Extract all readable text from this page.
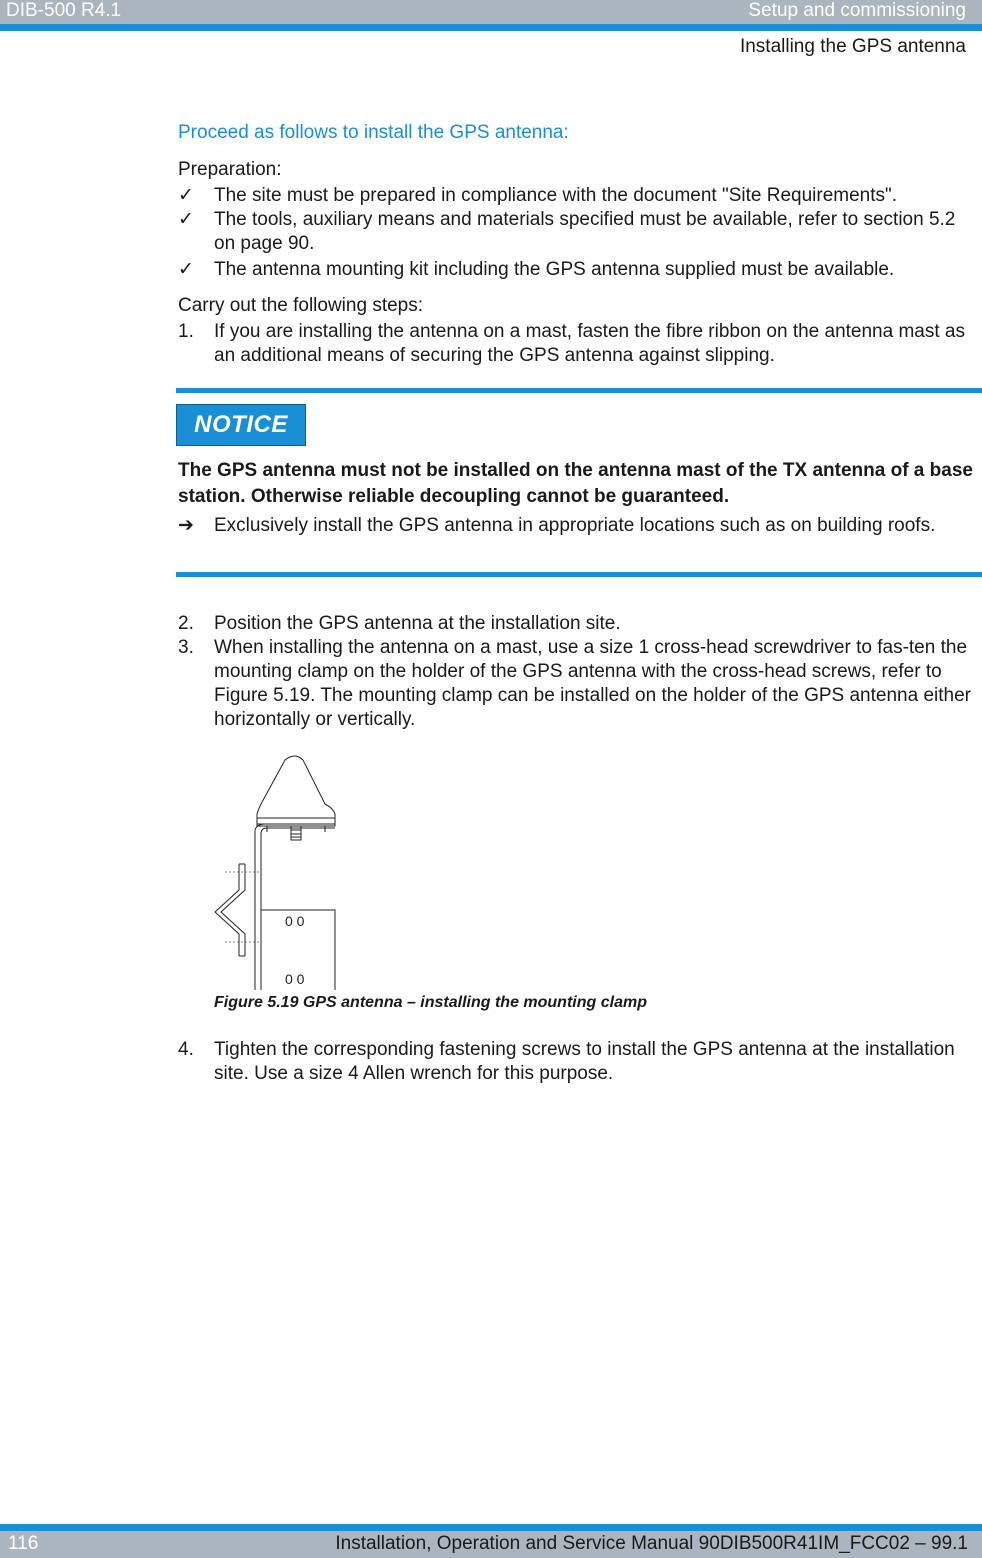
DIB-500 R4.1	Setup and commissioning
Installing the GPS antenna
Proceed as follows to install the GPS antenna:
Preparation:
✓	The site must be prepared in compliance with the document "Site Requirements".
✓	The tools, auxiliary means and materials specified must be available, refer to section 5.2 on page 90.
✓	The antenna mounting kit including the GPS antenna supplied must be available.
Carry out the following steps:
1.	If you are installing the antenna on a mast, fasten the fibre ribbon on the antenna mast as an additional means of securing the GPS antenna against slipping.
NOTICE
The GPS antenna must not be installed on the antenna mast of the TX antenna of a base station. Otherwise reliable decoupling cannot be guaranteed.
➔	Exclusively install the GPS antenna in appropriate locations such as on building roofs.
2.	Position the GPS antenna at the installation site.
3.	When installing the antenna on a mast, use a size 1 cross-head screwdriver to fas-ten the mounting clamp on the holder of the GPS antenna with the cross-head screws, refer to Figure 5.19. The mounting clamp can be installed on the holder of the GPS antenna either horizontally or vertically.
0 0
0 0
Figure 5.19 GPS antenna – installing the mounting clamp
4.	Tighten the corresponding fastening screws to install the GPS antenna at the installation site. Use a size 4 Allen wrench for this purpose.
116	Installation, Operation and Service Manual 90DIB500R41IM_FCC02 – 99.1
